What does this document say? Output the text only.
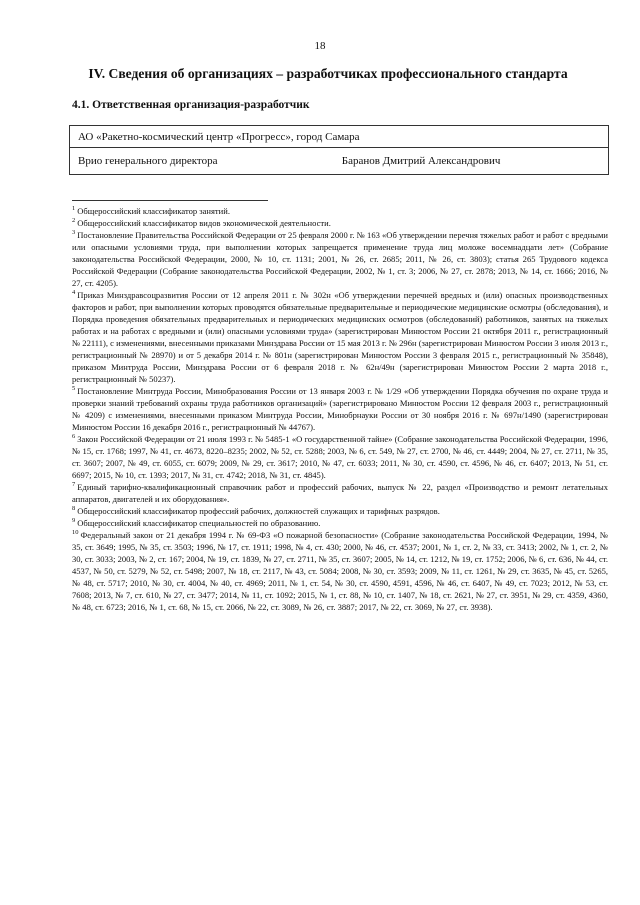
18
IV. Сведения об организациях – разработчиках профессионального стандарта
4.1. Ответственная организация-разработчик
АО «Ракетно-космический центр «Прогресс», город Самара
Врио генерального директора	Баранов Дмитрий Александрович

$^1$ Общероссийский классификатор занятий.

$^2$ Общероссийский классификатор видов экономической деятельности.

$^3$ Постановление Правительства Российской Федерации от 25 февраля 2000 г. № 163 «Об утверждении перечня тяжелых работ и работ с вредными или опасными условиями труда, при выполнении которых запрещается применение труда лиц моложе восемнадцати лет» (Собрание законодательства Российской Федерации, 2000, № 10, ст. 1131; 2001, № 26, ст. 2685; 2011, № 26, ст. 3803); статья 265 Трудового кодекса Российской Федерации (Собрание законодательства Российской Федерации, 2002, № 1, ст. 3; 2006, № 27, ст. 2878; 2013, № 14, ст. 1666; 2016, № 27, ст. 4205).

$^4$ Приказ Минздравсоцразвития России от 12 апреля 2011 г. № 302н «Об утверждении перечней вредных и (или) опасных производственных факторов и работ, при выполнении которых проводятся обязательные предварительные и периодические медицинские осмотры (обследования), и Порядка проведения обязательных предварительных и периодических медицинских осмотров (обследований) работников, занятых на тяжелых работах и на работах с вредными и (или) опасными условиями труда» (зарегистрирован Минюстом России 21 октября 2011 г., регистрационный № 22111), с изменениями, внесенными приказами Минздрава России от 15 мая 2013 г. № 296н (зарегистрирован Минюстом России 3 июля 2013 г., регистрационный № 28970) и от 5 декабря 2014 г. № 801н (зарегистрирован Минюстом России 3 февраля 2015 г., регистрационный № 35848), приказом Минтруда России, Минздрава России от 6 февраля 2018 г. № 62н/49н (зарегистрирован Минюстом России 2 марта 2018 г., регистрационный № 50237).

$^5$ Постановление Минтруда России, Минобразования России от 13 января 2003 г. № 1/29 «Об утверждении Порядка обучения по охране труда и проверки знаний требований охраны труда работников организаций» (зарегистрировано Минюстом России 12 февраля 2003 г., регистрационный № 4209) с изменениями, внесенными приказом Минтруда России, Минобрнауки России от 30 ноября 2016 г. № 697н/1490 (зарегистрирован Минюстом России 16 декабря 2016 г., регистрационный № 44767).

$^6$ Закон Российской Федерации от 21 июля 1993 г. № 5485-1 «О государственной тайне» (Собрание законодательства Российской Федерации, 1996, № 15, ст. 1768; 1997, № 41, ст. 4673, 8220–8235; 2002, № 52, ст. 5288; 2003, № 6, ст. 549, № 27, ст. 2700, № 46, ст. 4449; 2004, № 27, ст. 2711, № 35, ст. 3607; 2007, № 49, ст. 6055, ст. 6079; 2009, № 29, ст. 3617; 2010, № 47, ст. 6033; 2011, № 30, ст. 4590, ст. 4596, № 46, ст. 6407; 2013, № 51, ст. 6697; 2015, № 10, ст. 1393; 2017, № 31, ст. 4742; 2018, № 31, ст. 4845).

$^7$ Единый тарифно-квалификационный справочник работ и профессий рабочих, выпуск № 22, раздел «Производство и ремонт летательных аппаратов, двигателей и их оборудования».

$^8$ Общероссийский классификатор профессий рабочих, должностей служащих и тарифных разрядов.

$^9$ Общероссийский классификатор специальностей по образованию.

$^{10}$ Федеральный закон от 21 декабря 1994 г. № 69-ФЗ «О пожарной безопасности» (Собрание законодательства Российской Федерации, 1994, № 35, ст. 3649; 1995, № 35, ст. 3503; 1996, № 17, ст. 1911; 1998, № 4, ст. 430; 2000, № 46, ст. 4537; 2001, № 1, ст. 2, № 33, ст. 3413; 2002, № 1, ст. 2, № 30, ст. 3033; 2003, № 2, ст. 167; 2004, № 19, ст. 1839, № 27, ст. 2711, № 35, ст. 3607; 2005, № 14, ст. 1212, № 19, ст. 1752; 2006, № 6, ст. 636, № 44, ст. 4537, № 50, ст. 5279, № 52, ст. 5498; 2007, № 18, ст. 2117, № 43, ст. 5084; 2008, № 30, ст. 3593; 2009, № 11, ст. 1261, № 29, ст. 3635, № 45, ст. 5265, № 48, ст. 5717; 2010, № 30, ст. 4004, № 40, ст. 4969; 2011, № 1, ст. 54, № 30, ст. 4590, 4591, 4596, № 46, ст. 6407, № 49, ст. 7023; 2012, № 53, ст. 7608; 2013, № 7, ст. 610, № 27, ст. 3477; 2014, № 11, ст. 1092; 2015, № 1, ст. 88, № 10, ст. 1407, № 18, ст. 2621, № 27, ст. 3951, № 29, ст. 4359, 4360, № 48, ст. 6723; 2016, № 1, ст. 68, № 15, ст. 2066, № 22, ст. 3089, № 26, ст. 3887; 2017, № 22, ст. 3069, № 27, ст. 3938).
